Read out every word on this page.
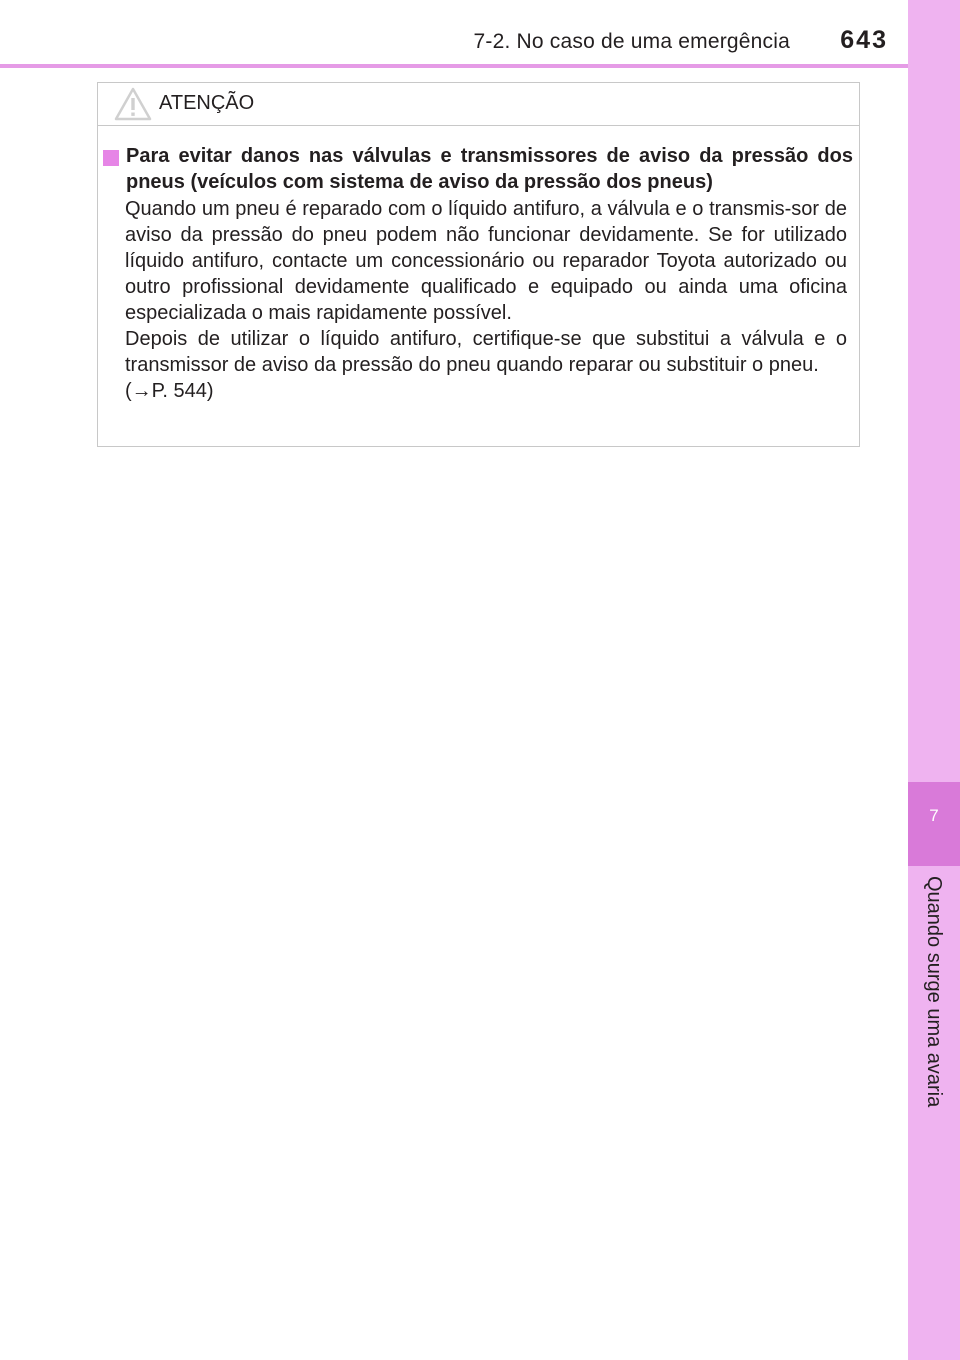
7
Quando surge uma avaria
7-2. No caso de uma emergência 643
ATENÇÃO
Para evitar danos nas válvulas e transmissores de aviso da pressão dos pneus (veículos com sistema de aviso da pressão dos pneus)

Quando um pneu é reparado com o líquido antifuro, a válvula e o transmis-sor de aviso da pressão do pneu podem não funcionar devidamente. Se for utilizado líquido antifuro, contacte um concessionário ou reparador Toyota autorizado ou outro profissional devidamente qualificado e equipado ou ainda uma oficina especializada o mais rapidamente possível.

Depois de utilizar o líquido antifuro, certifique-se que substitui a válvula e o transmissor de aviso da pressão do pneu quando reparar ou substituir o pneu.

(→P. 544)
